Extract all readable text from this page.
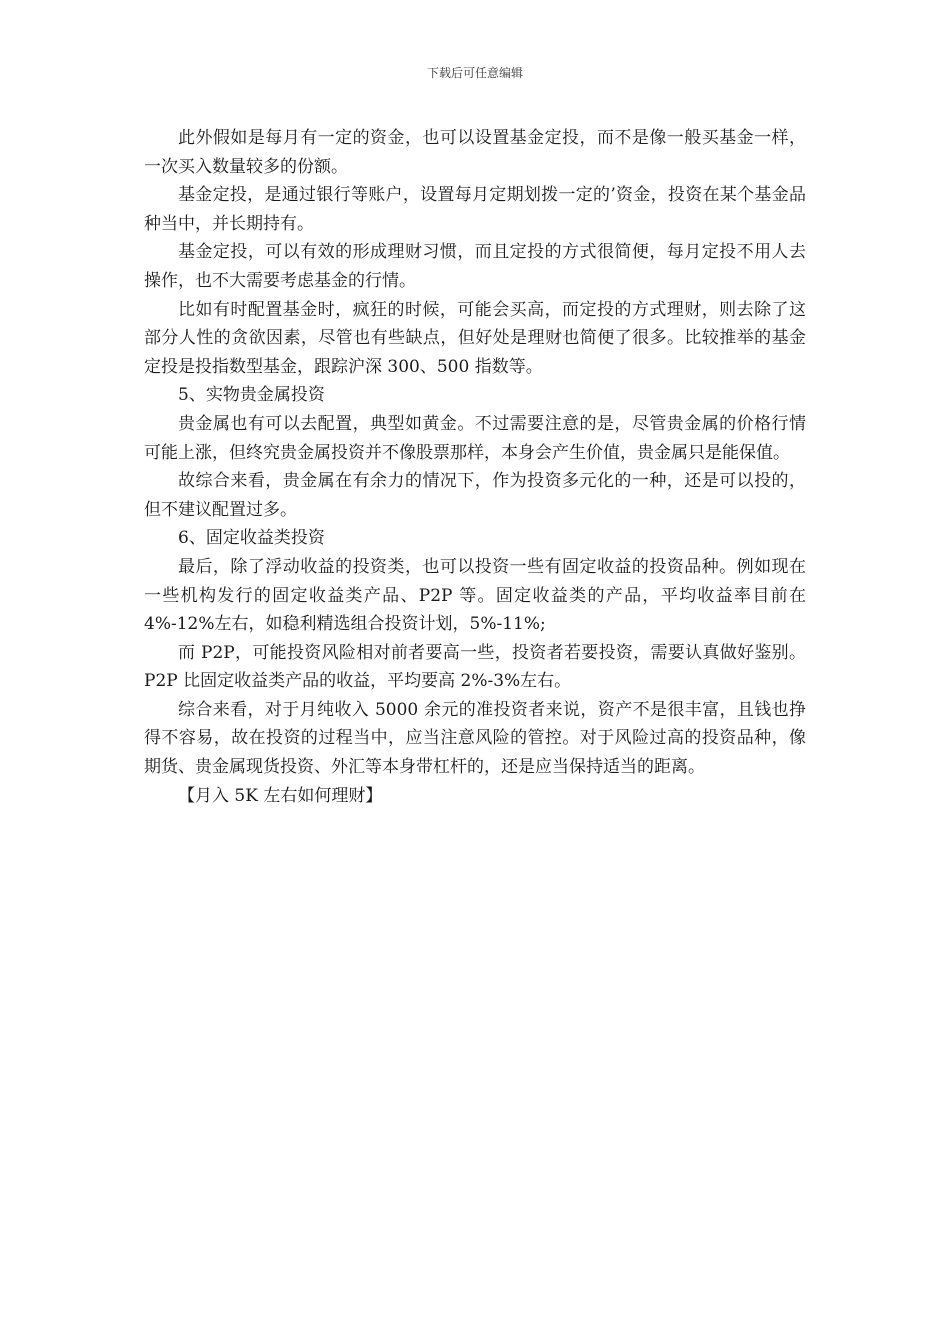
下载后可任意编辑

此外假如是每月有一定的资金，也可以设置基金定投，而不是像一般买基金一样，一次买入数量较多的份额。

基金定投，是通过银行等账户，设置每月定期划拨一定的’资金，投资在某个基金品种当中，并长期持有。

基金定投，可以有效的形成理财习惯，而且定投的方式很简便，每月定投不用人去操作，也不大需要考虑基金的行情。

比如有时配置基金时，疯狂的时候，可能会买高，而定投的方式理财，则去除了这部分人性的贪欲因素，尽管也有些缺点，但好处是理财也简便了很多。比较推举的基金定投是投指数型基金，跟踪沪深 300、500 指数等。

5、实物贵金属投资

贵金属也有可以去配置，典型如黄金。不过需要注意的是，尽管贵金属的价格行情可能上涨，但终究贵金属投资并不像股票那样，本身会产生价值，贵金属只是能保值。

故综合来看，贵金属在有余力的情况下，作为投资多元化的一种，还是可以投的，但不建议配置过多。

6、固定收益类投资

最后，除了浮动收益的投资类，也可以投资一些有固定收益的投资品种。例如现在一些机构发行的固定收益类产品、P2P 等。固定收益类的产品，平均收益率目前在 4%-12%左右，如稳利精选组合投资计划，5%-11%;

而 P2P，可能投资风险相对前者要高一些，投资者若要投资，需要认真做好鉴别。P2P 比固定收益类产品的收益，平均要高 2%-3%左右。

综合来看，对于月纯收入 5000 余元的准投资者来说，资产不是很丰富，且钱也挣得不容易，故在投资的过程当中，应当注意风险的管控。对于风险过高的投资品种，像期货、贵金属现货投资、外汇等本身带杠杆的，还是应当保持适当的距离。

【月入 5K 左右如何理财】
